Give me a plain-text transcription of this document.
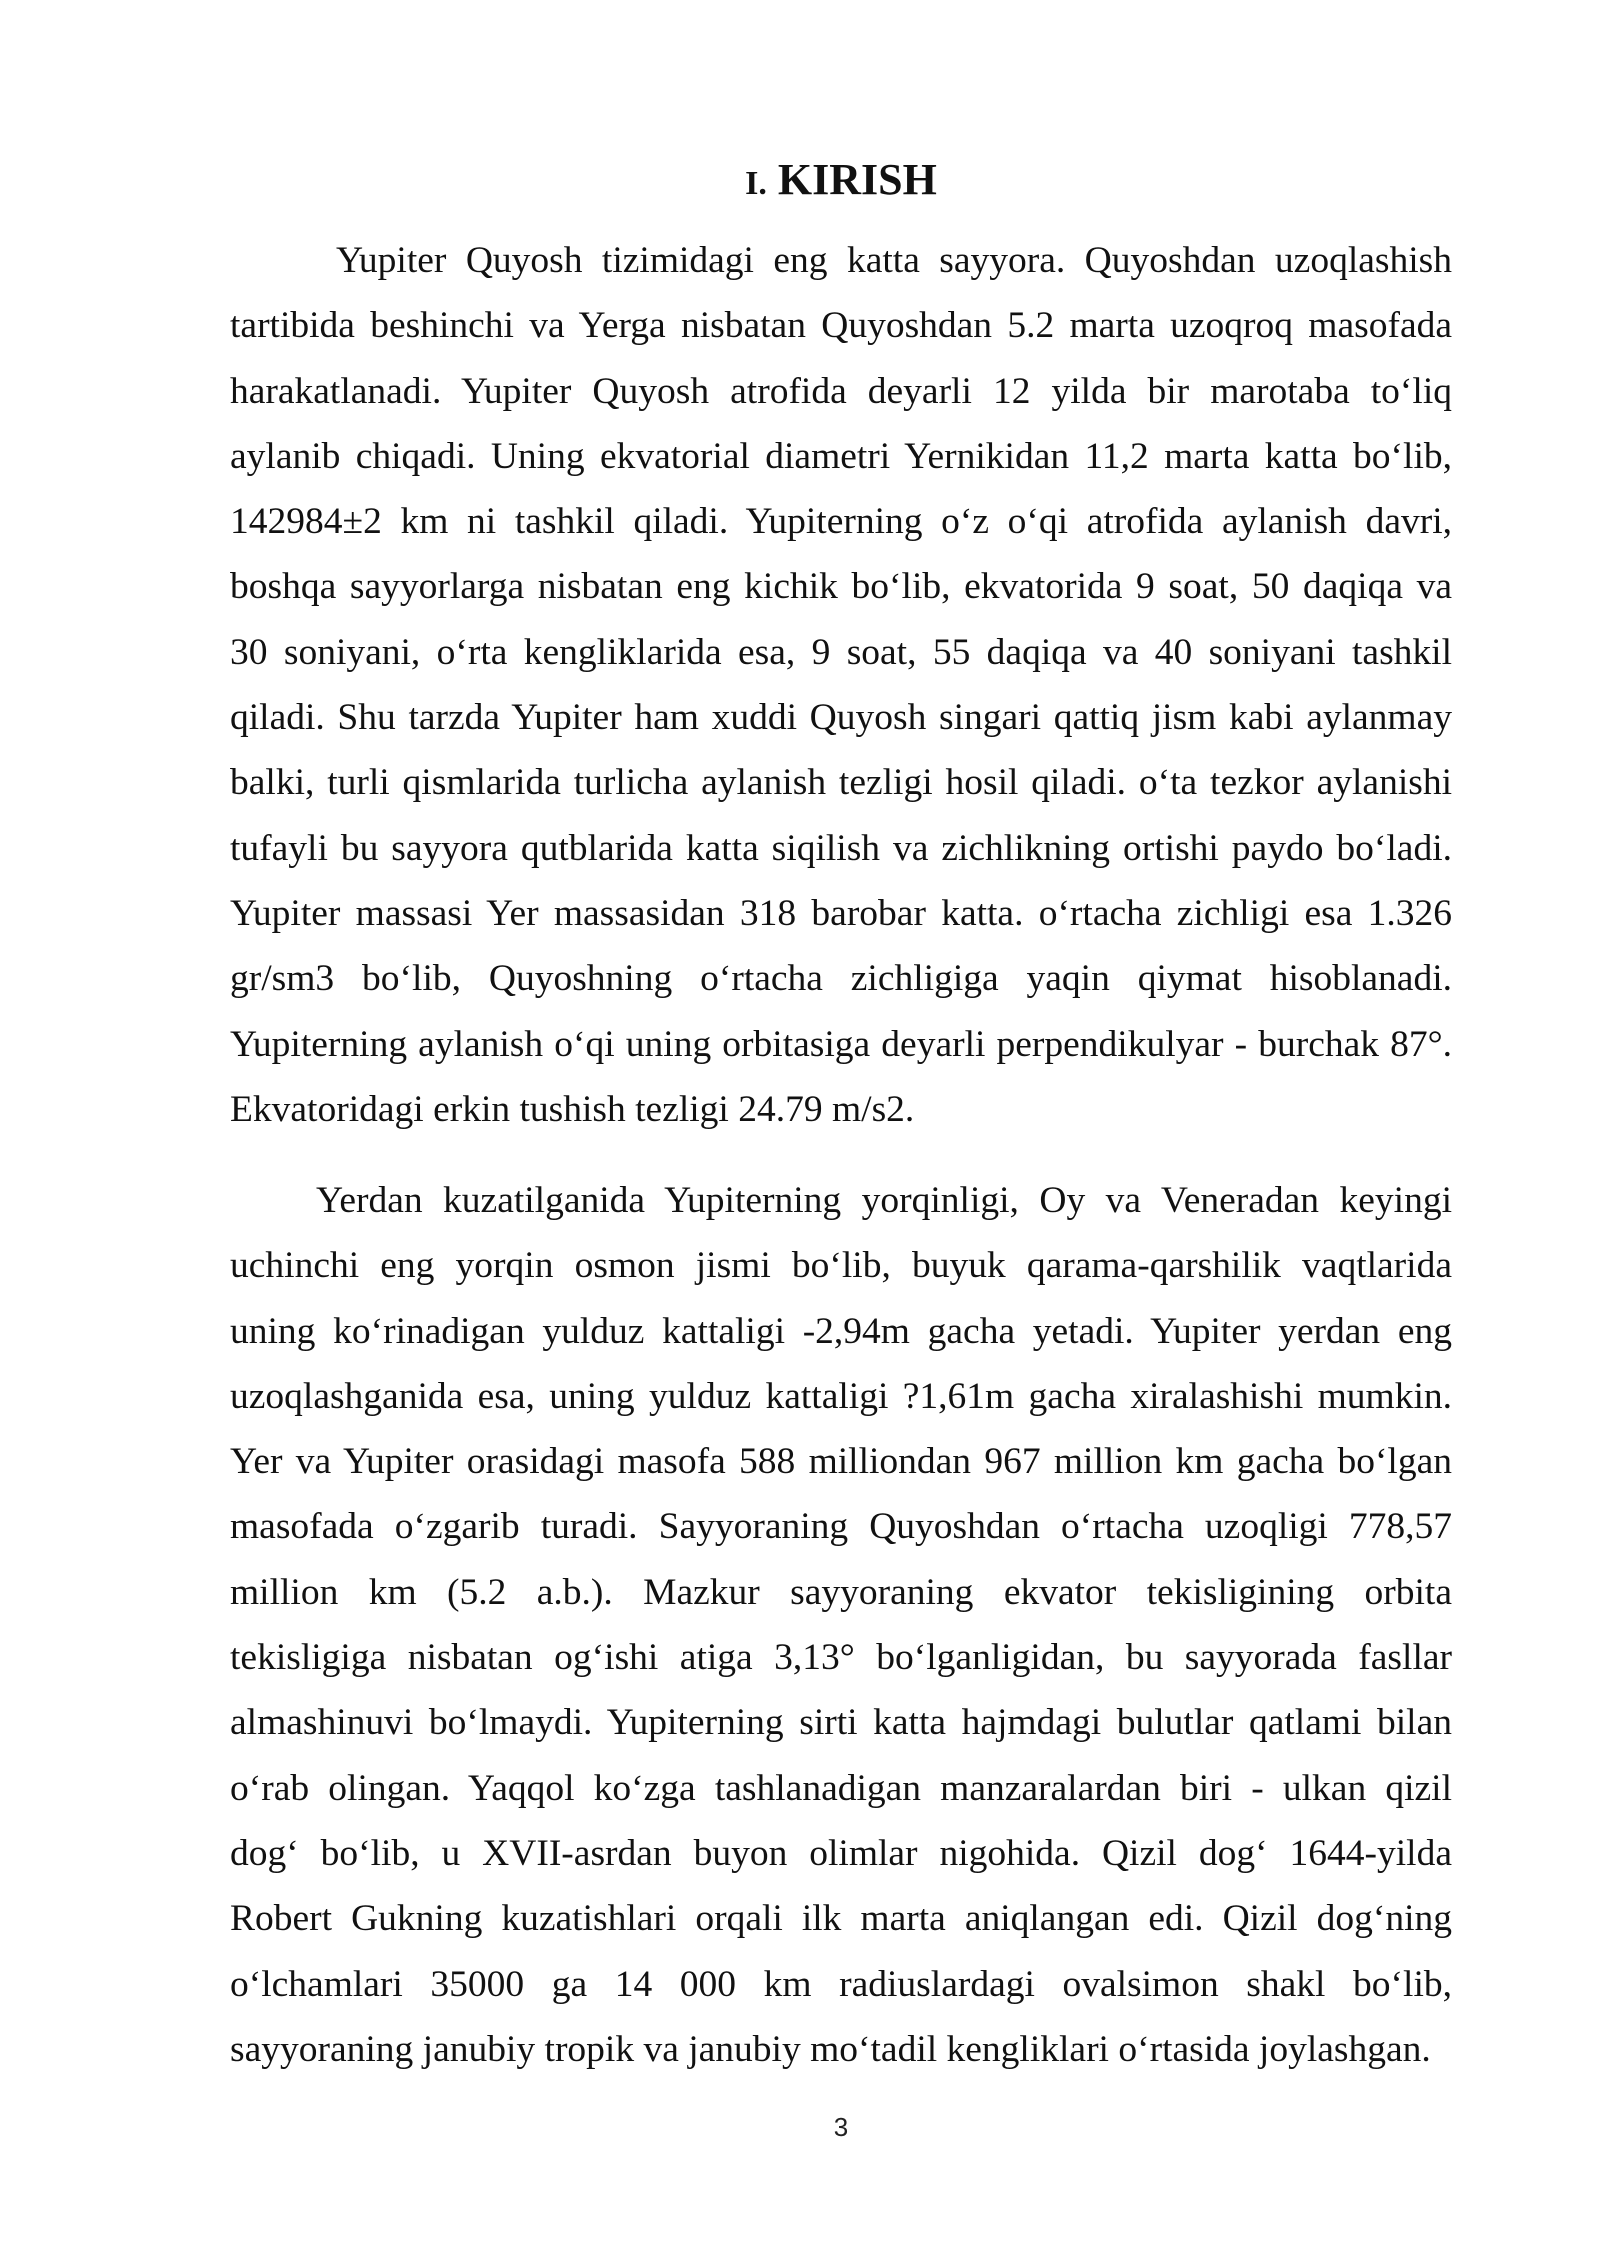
I. KIRISH
Yupiter Quyosh tizimidagi eng katta sayyora. Quyoshdan uzoqlashish
tartibida beshinchi va Yerga nisbatan Quyoshdan 5.2 marta uzoqroq masofada
harakatlanadi. Yupiter Quyosh atrofida deyarli 12 yilda bir marotaba to‘liq
aylanib chiqadi. Uning ekvatorial diametri Yernikidan 11,2 marta katta bo‘lib,
142984±2 km ni tashkil qiladi. Yupiterning o‘z o‘qi atrofida aylanish davri,
boshqa sayyorlarga nisbatan eng kichik bo‘lib, ekvatorida 9 soat, 50 daqiqa va
30 soniyani, o‘rta kengliklarida esa, 9 soat, 55 daqiqa va 40 soniyani tashkil
qiladi. Shu tarzda Yupiter ham xuddi Quyosh singari qattiq jism kabi aylanmay
balki, turli qismlarida turlicha aylanish tezligi hosil qiladi. o‘ta tezkor aylanishi
tufayli bu sayyora qutblarida katta siqilish va zichlikning ortishi paydo bo‘ladi.
Yupiter massasi Yer massasidan 318 barobar katta. o‘rtacha zichligi esa 1.326
gr/sm3 bo‘lib, Quyoshning o‘rtacha zichligiga yaqin qiymat hisoblanadi.
Yupiterning aylanish o‘qi uning orbitasiga deyarli perpendikulyar - burchak 87°.
Ekvatoridagi erkin tushish tezligi 24.79 m/s2.
Yerdan kuzatilganida Yupiterning yorqinligi, Oy va Veneradan keyingi
uchinchi eng yorqin osmon jismi bo‘lib, buyuk qarama-qarshilik vaqtlarida
uning ko‘rinadigan yulduz kattaligi -2,94m gacha yetadi. Yupiter yerdan eng
uzoqlashganida esa, uning yulduz kattaligi ?1,61m gacha xiralashishi mumkin.
Yer va Yupiter orasidagi masofa 588 milliondan 967 million km gacha bo‘lgan
masofada o‘zgarib turadi. Sayyoraning Quyoshdan o‘rtacha uzoqligi 778,57
million km (5.2 a.b.). Mazkur sayyoraning ekvator tekisligining orbita
tekisligiga nisbatan og‘ishi atiga 3,13° bo‘lganligidan, bu sayyorada fasllar
almashinuvi bo‘lmaydi. Yupiterning sirti katta hajmdagi bulutlar qatlami bilan
o‘rab olingan. Yaqqol ko‘zga tashlanadigan manzaralardan biri - ulkan qizil
dog‘ bo‘lib, u XVII-asrdan buyon olimlar nigohida. Qizil dog‘ 1644-yilda
Robert Gukning kuzatishlari orqali ilk marta aniqlangan edi. Qizil dog‘ning
o‘lchamlari 35000 ga 14 000 km radiuslardagi ovalsimon shakl bo‘lib,
sayyoraning janubiy tropik va janubiy mo‘tadil kengliklari o‘rtasida joylashgan.
3
